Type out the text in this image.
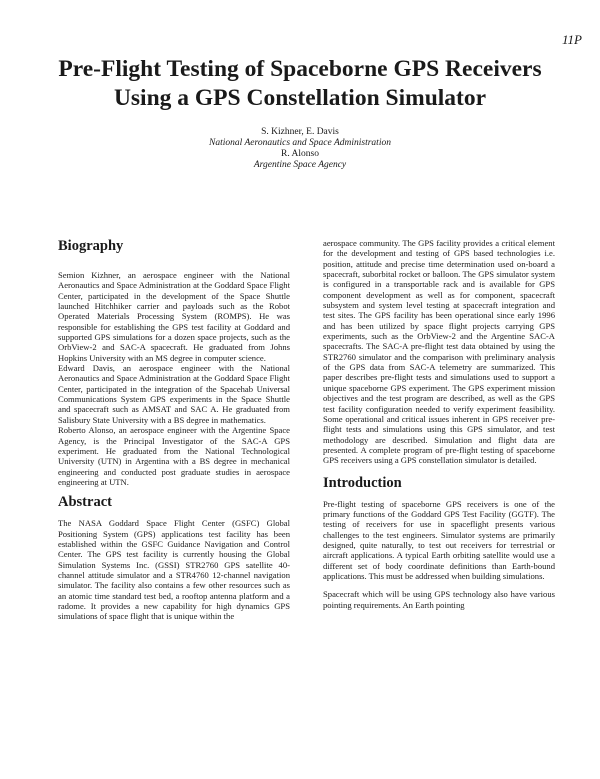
11P
Pre-Flight Testing of Spaceborne GPS Receivers
Using a GPS Constellation Simulator
S. Kizhner, E. Davis
National Aeronautics and Space Administration
R. Alonso
Argentine Space Agency
Biography

Semion Kizhner, an aerospace engineer with the National Aeronautics and Space Administration at the Goddard Space Flight Center, participated in the development of the Space Shuttle launched Hitchhiker carrier and payloads such as the Robot Operated Materials Processing System (ROMPS). He was responsible for establishing the GPS test facility at Goddard and supported GPS simulations for a dozen space projects, such as the OrbView-2 and SAC-A spacecraft. He graduated from Johns Hopkins University with an MS degree in computer science.

Edward Davis, an aerospace engineer with the National Aeronautics and Space Administration at the Goddard Space Flight Center, participated in the integration of the Spacehab Universal Communications System GPS experiments in the Space Shuttle and spacecraft such as AMSAT and SAC A. He graduated from Salisbury State University with a BS degree in mathematics.

Roberto Alonso, an aerospace engineer with the Argentine Space Agency, is the Principal Investigator of the SAC-A GPS experiment. He graduated from the National Technological University (UTN) in Argentina with a BS degree in mechanical engineering and conducted post graduate studies in aerospace engineering at UTN.

Abstract

The NASA Goddard Space Flight Center (GSFC) Global Positioning System (GPS) applications test facility has been established within the GSFC Guidance Navigation and Control Center. The GPS test facility is currently housing the Global Simulation Systems Inc. (GSSI) STR2760 GPS satellite 40-channel attitude simulator and a STR4760 12-channel navigation simulator. The facility also contains a few other resources such as an atomic time standard test bed, a rooftop antenna platform and a radome. It provides a new capability for high dynamics GPS simulations of space flight that is unique within the

aerospace community. The GPS facility provides a critical element for the development and testing of GPS based technologies i.e. position, attitude and precise time determination used on-board a spacecraft, suborbital rocket or balloon. The GPS simulator system is configured in a transportable rack and is available for GPS component development as well as for component, spacecraft subsystem and system level testing at spacecraft integration and test sites. The GPS facility has been operational since early 1996 and has been utilized by space flight projects carrying GPS experiments, such as the OrbView-2 and the Argentine SAC-A spacecrafts. The SAC-A pre-flight test data obtained by using the STR2760 simulator and the comparison with preliminary analysis of the GPS data from SAC-A telemetry are summarized. This paper describes pre-flight tests and simulations used to support a unique spaceborne GPS experiment. The GPS experiment mission objectives and the test program are described, as well as the GPS test facility configuration needed to verify experiment feasibility. Some operational and critical issues inherent in GPS receiver pre-flight tests and simulations using this GPS simulator, and test methodology are described. Simulation and flight data are presented. A complete program of pre-flight testing of spaceborne GPS receivers using a GPS constellation simulator is detailed.

Introduction

Pre-flight testing of spaceborne GPS receivers is one of the primary functions of the Goddard GPS Test Facility (GGTF). The testing of receivers for use in spaceflight presents various challenges to the test engineers. Simulator systems are primarily designed, quite naturally, to test out receivers for terrestrial or aircraft applications. A typical Earth orbiting satellite would use a different set of body coordinate definitions than Earth-bound applications. This must be addressed when building simulations.

Spacecraft which will be using GPS technology also have various pointing requirements. An Earth pointing
